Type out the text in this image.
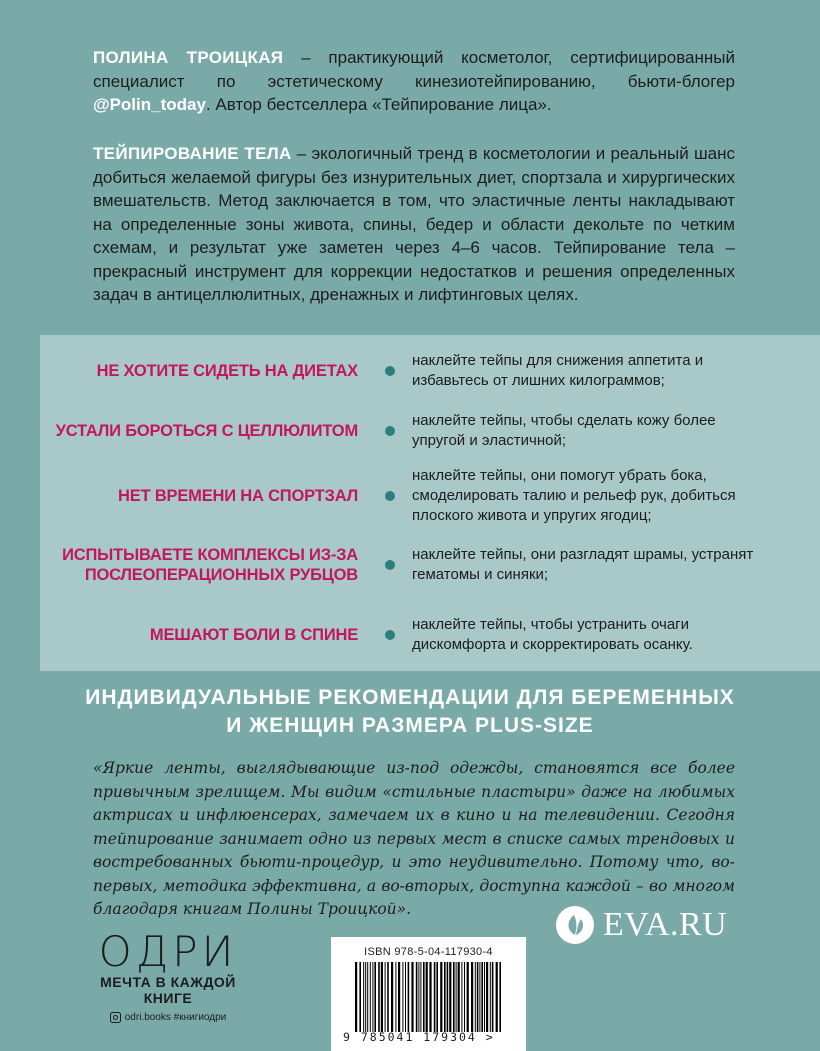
ПОЛИНА ТРОИЦКАЯ – практикующий косметолог, сертифицированный специалист по эстетическому кинезиотейпированию, бьюти-блогер @Polin_today. Автор бестселлера «Тейпирование лица».

ТЕЙПИРОВАНИЕ ТЕЛА – экологичный тренд в косметологии и реальный шанс добиться желаемой фигуры без изнурительных диет, спортзала и хирургических вмешательств. Метод заключается в том, что эластичные ленты накладывают на определенные зоны живота, спины, бедер и области декольте по четким схемам, и результат уже заметен через 4–6 часов. Тейпирование тела – прекрасный инструмент для коррекции недостатков и решения определенных задач в антицеллюлитных, дренажных и лифтинговых целях.

НЕ ХОТИТЕ СИДЕТЬ НА ДИЕТАХ
наклейте тейпы для снижения аппетита и избавьтесь от лишних килограммов;
УСТАЛИ БОРОТЬСЯ С ЦЕЛЛЮЛИТОМ
наклейте тейпы, чтобы сделать кожу более упругой и эластичной;
НЕТ ВРЕМЕНИ НА СПОРТЗАЛ
наклейте тейпы, они помогут убрать бока, смоделировать талию и рельеф рук, добиться плоского живота и упругих ягодиц;
ИСПЫТЫВАЕТЕ КОМПЛЕКСЫ ИЗ-ЗА ПОСЛЕОПЕРАЦИОННЫХ РУБЦОВ
наклейте тейпы, они разгладят шрамы, устранят гематомы и синяки;
МЕШАЮТ БОЛИ В СПИНЕ
наклейте тейпы, чтобы устранить очаги дискомфорта и скорректировать осанку.
ИНДИВИДУАЛЬНЫЕ РЕКОМЕНДАЦИИ ДЛЯ БЕРЕМЕННЫХ
И ЖЕНЩИН РАЗМЕРА PLUS-SIZE

«Яркие ленты, выглядывающие из-под одежды, становятся все более привычным зрелищем. Мы видим «стильные пластыри» даже на любимых актрисах и инфлюенсерах, замечаем их в кино и на телевидении. Сегодня тейпирование занимает одно из первых мест в списке самых трендовых и востребованных бьюти-процедур, и это неудивительно. Потому что, во-первых, методика эффективна, а во-вторых, доступна каждой – во многом благодаря книгам Полины Троицкой».

ОДРИ
МЕЧТА В КАЖДОЙ
КНИГЕ
odri.books #книгиодри
ISBN 978-5-04-117930-4
9 785041 179304 >
EVA.RU
